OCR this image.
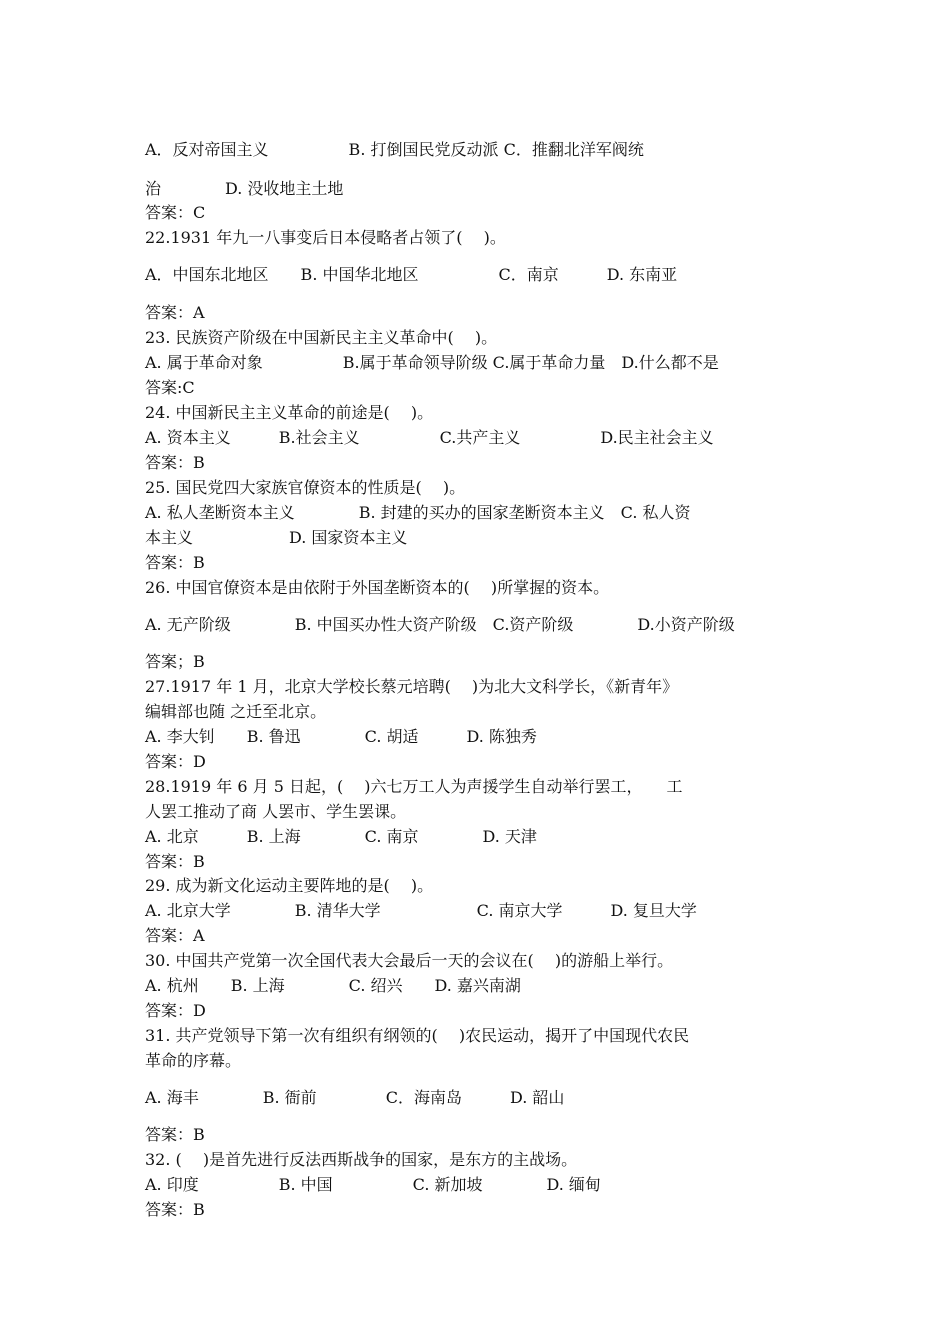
A．反对帝国主义　　　　　B. 打倒国民党反动派 C．推翻北洋军阀统
治　　　　D. 没收地主土地
答案：C
22.1931 年九一八事变后日本侵略者占领了(　 )。
A．中国东北地区　　B. 中国华北地区　　　　　C．南京　　　D. 东南亚
答案：A
23. 民族资产阶级在中国新民主主义革命中(　 )。
A. 属于革命对象　　　　　B.属于革命领导阶级 C.属于革命力量　D.什么都不是
答案:C
24. 中国新民主主义革命的前途是(　 )。
A. 资本主义　　　B.社会主义　　　　　C.共产主义　　　　　D.民主社会主义
答案：B
25. 国民党四大家族官僚资本的性质是(　 )。
A. 私人垄断资本主义　　　　B. 封建的买办的国家垄断资本主义　C. 私人资
本主义　　　　　　D. 国家资本主义
答案：B
26. 中国官僚资本是由依附于外国垄断资本的(　 )所掌握的资本。
A. 无产阶级　　　　B. 中国买办性大资产阶级　C.资产阶级　　　　D.小资产阶级
答案；B
27.1917 年 1 月，北京大学校长蔡元培聘(　 )为北大文科学长，《新青年》
编辑部也随 之迁至北京。
A. 李大钊　　B. 鲁迅　　　　C. 胡适　　　D. 陈独秀
答案：D
28.1919 年 6 月 5 日起，(　 )六七万工人为声援学生自动举行罢工，　　工
人罢工推动了商 人罢市、学生罢课。
A. 北京　　　B. 上海　　　　C. 南京　　　　D. 天津
答案：B
29. 成为新文化运动主要阵地的是(　 )。
A. 北京大学　　　　B. 清华大学　　　　　　C. 南京大学　　　D. 复旦大学
答案：A
30. 中国共产党第一次全国代表大会最后一天的会议在(　 )的游船上举行。
A. 杭州　　B. 上海　　　　C. 绍兴　　D. 嘉兴南湖
答案：D
31. 共产党领导下第一次有组织有纲领的(　 )农民运动，揭开了中国现代农民
革命的序幕。
A. 海丰　　　　B. 衙前　　　　 C．海南岛　　　D. 韶山
答案：B
32. (　 )是首先进行反法西斯战争的国家，是东方的主战场。
A. 印度　　　　　B. 中国　　　　　C. 新加坡　　　　D. 缅甸
答案：B
